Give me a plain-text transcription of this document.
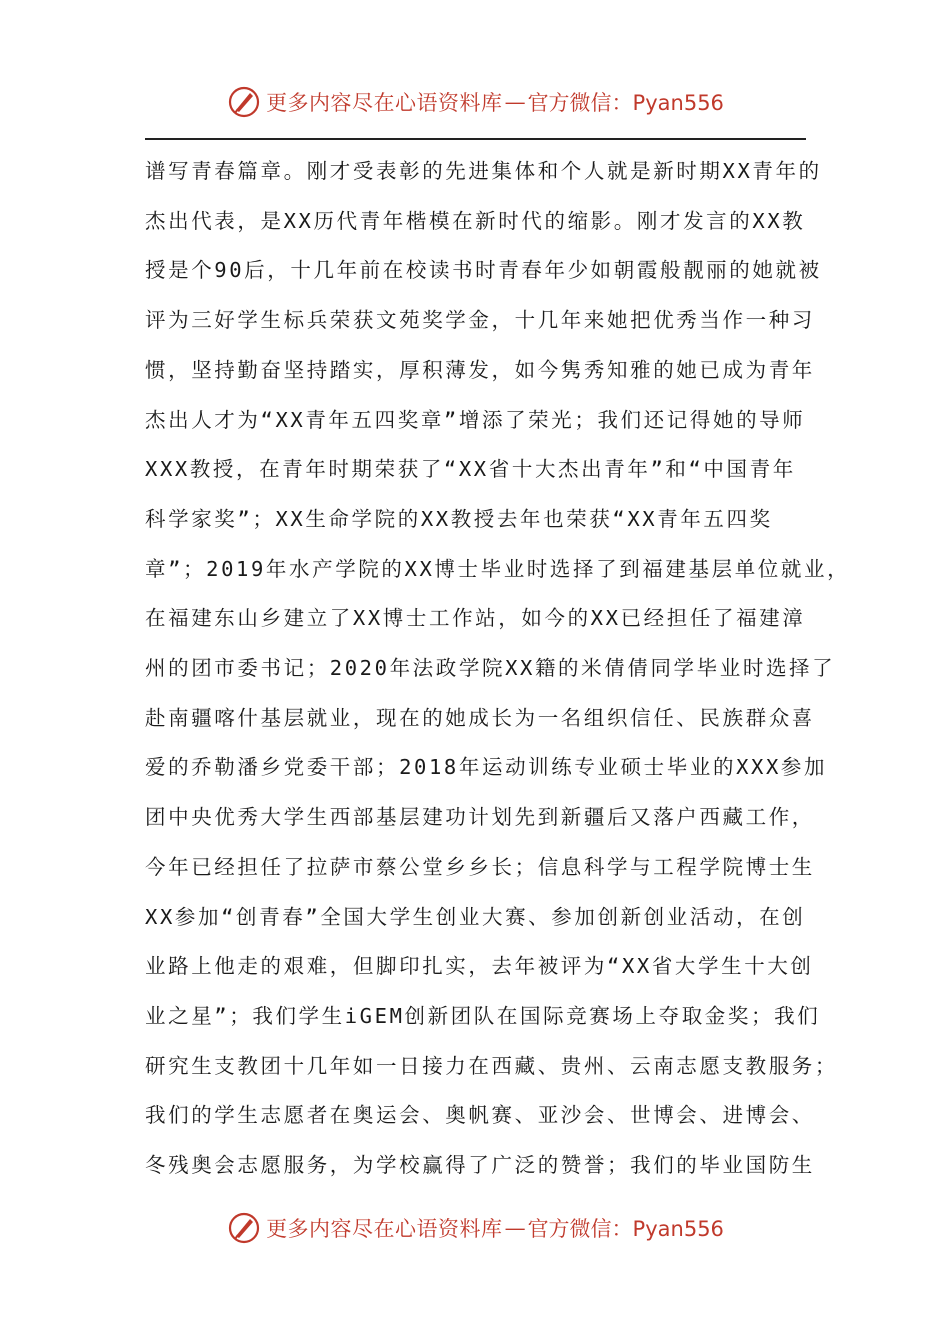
更多内容尽在心语资料库 — 官方微信：Pyan556
谱写青春篇章。刚才受表彰的先进集体和个人就是新时期XX青年的
杰出代表，是XX历代青年楷模在新时代的缩影。刚才发言的XX教
授是个90后，十几年前在校读书时青春年少如朝霞般靓丽的她就被
评为三好学生标兵荣获文苑奖学金，十几年来她把优秀当作一种习
惯，坚持勤奋坚持踏实，厚积薄发，如今隽秀知雅的她已成为青年
杰出人才为“XX青年五四奖章”增添了荣光；我们还记得她的导师
XXX教授，在青年时期荣获了“XX省十大杰出青年”和“中国青年
科学家奖”；XX生命学院的XX教授去年也荣获“XX青年五四奖
章”；2019年水产学院的XX博士毕业时选择了到福建基层单位就业，
在福建东山乡建立了XX博士工作站，如今的XX已经担任了福建漳
州的团市委书记；2020年法政学院XX籍的米倩倩同学毕业时选择了
赴南疆喀什基层就业，现在的她成长为一名组织信任、民族群众喜
爱的乔勒潘乡党委干部；2018年运动训练专业硕士毕业的XXX参加
团中央优秀大学生西部基层建功计划先到新疆后又落户西藏工作，
今年已经担任了拉萨市蔡公堂乡乡长；信息科学与工程学院博士生
XX参加“创青春”全国大学生创业大赛、参加创新创业活动，在创
业路上他走的艰难，但脚印扎实，去年被评为“XX省大学生十大创
业之星”；我们学生iGEM创新团队在国际竞赛场上夺取金奖；我们
研究生支教团十几年如一日接力在西藏、贵州、云南志愿支教服务；
我们的学生志愿者在奥运会、奥帆赛、亚沙会、世博会、进博会、
冬残奥会志愿服务，为学校赢得了广泛的赞誉；我们的毕业国防生
更多内容尽在心语资料库 — 官方微信：Pyan556
